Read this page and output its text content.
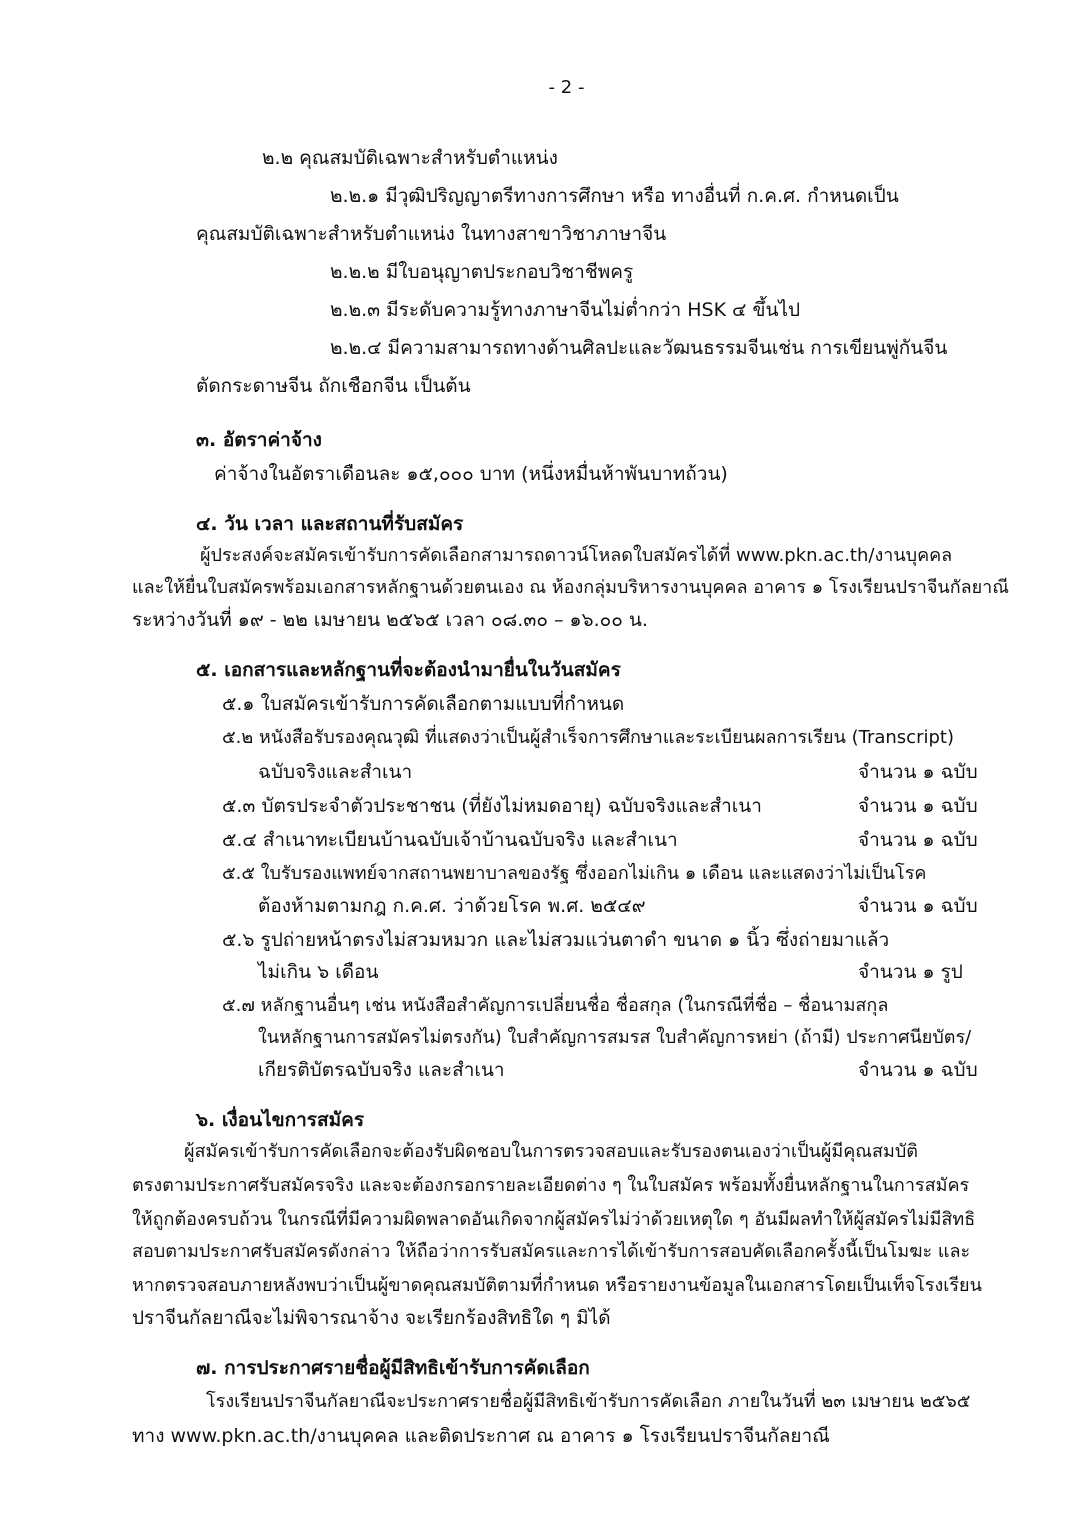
- 2 -
๒.๒ คุณสมบัติเฉพาะสำหรับตำแหน่ง
๒.๒.๑ มีวุฒิปริญญาตรีทางการศึกษา หรือ ทางอื่นที่ ก.ค.ศ. กำหนดเป็น
คุณสมบัติเฉพาะสำหรับตำแหน่ง ในทางสาขาวิชาภาษาจีน
๒.๒.๒ มีใบอนุญาตประกอบวิชาชีพครู
๒.๒.๓ มีระดับความรู้ทางภาษาจีนไม่ต่ำกว่า HSK ๔ ขึ้นไป
๒.๒.๔ มีความสามารถทางด้านศิลปะและวัฒนธรรมจีนเช่น การเขียนพู่กันจีน
ตัดกระดาษจีน ถักเชือกจีน เป็นต้น
๓. อัตราค่าจ้าง
ค่าจ้างในอัตราเดือนละ ๑๕,๐๐๐ บาท (หนึ่งหมื่นห้าพันบาทถ้วน)
๔. วัน เวลา และสถานที่รับสมัคร
ผู้ประสงค์จะสมัครเข้ารับการคัดเลือกสามารถดาวน์โหลดใบสมัครได้ที่ www.pkn.ac.th/งานบุคคล
และให้ยื่นใบสมัครพร้อมเอกสารหลักฐานด้วยตนเอง ณ ห้องกลุ่มบริหารงานบุคคล อาคาร ๑ โรงเรียนปราจีนกัลยาณี
ระหว่างวันที่ ๑๙ - ๒๒ เมษายน ๒๕๖๕ เวลา ๐๘.๓๐ – ๑๖.๐๐ น.
๕. เอกสารและหลักฐานที่จะต้องนำมายื่นในวันสมัคร
๕.๑ ใบสมัครเข้ารับการคัดเลือกตามแบบที่กำหนด
๕.๒ หนังสือรับรองคุณวุฒิ ที่แสดงว่าเป็นผู้สำเร็จการศึกษาและระเบียนผลการเรียน (Transcript)
ฉบับจริงและสำเนา	จำนวน ๑ ฉบับ
๕.๓ บัตรประจำตัวประชาชน (ที่ยังไม่หมดอายุ) ฉบับจริงและสำเนา	จำนวน ๑ ฉบับ
๕.๔ สำเนาทะเบียนบ้านฉบับเจ้าบ้านฉบับจริง และสำเนา	จำนวน ๑ ฉบับ
๕.๕ ใบรับรองแพทย์จากสถานพยาบาลของรัฐ ซึ่งออกไม่เกิน ๑ เดือน และแสดงว่าไม่เป็นโรค
ต้องห้ามตามกฎ ก.ค.ศ. ว่าด้วยโรค พ.ศ. ๒๕๔๙	จำนวน ๑ ฉบับ
๕.๖ รูปถ่ายหน้าตรงไม่สวมหมวก และไม่สวมแว่นตาดำ ขนาด ๑ นิ้ว ซึ่งถ่ายมาแล้ว
ไม่เกิน ๖ เดือน	จำนวน ๑ รูป
๕.๗ หลักฐานอื่นๆ เช่น หนังสือสำคัญการเปลี่ยนชื่อ ชื่อสกุล (ในกรณีที่ชื่อ – ชื่อนามสกุล
ในหลักฐานการสมัครไม่ตรงกัน) ใบสำคัญการสมรส ใบสำคัญการหย่า (ถ้ามี) ประกาศนียบัตร/
เกียรติบัตรฉบับจริง และสำเนา	จำนวน ๑ ฉบับ
๖. เงื่อนไขการสมัคร
ผู้สมัครเข้ารับการคัดเลือกจะต้องรับผิดชอบในการตรวจสอบและรับรองตนเองว่าเป็นผู้มีคุณสมบัติ
ตรงตามประกาศรับสมัครจริง และจะต้องกรอกรายละเอียดต่าง ๆ ในใบสมัคร พร้อมทั้งยื่นหลักฐานในการสมัคร
ให้ถูกต้องครบถ้วน ในกรณีที่มีความผิดพลาดอันเกิดจากผู้สมัครไม่ว่าด้วยเหตุใด ๆ อันมีผลทำให้ผู้สมัครไม่มีสิทธิ
สอบตามประกาศรับสมัครดังกล่าว ให้ถือว่าการรับสมัครและการได้เข้ารับการสอบคัดเลือกครั้งนี้เป็นโมฆะ และ
หากตรวจสอบภายหลังพบว่าเป็นผู้ขาดคุณสมบัติตามที่กำหนด หรือรายงานข้อมูลในเอกสารโดยเป็นเท็จโรงเรียน
ปราจีนกัลยาณีจะไม่พิจารณาจ้าง จะเรียกร้องสิทธิใด ๆ มิได้
๗. การประกาศรายชื่อผู้มีสิทธิเข้ารับการคัดเลือก
โรงเรียนปราจีนกัลยาณีจะประกาศรายชื่อผู้มีสิทธิเข้ารับการคัดเลือก ภายในวันที่ ๒๓ เมษายน ๒๕๖๕
ทาง www.pkn.ac.th/งานบุคคล และติดประกาศ ณ อาคาร ๑ โรงเรียนปราจีนกัลยาณี
